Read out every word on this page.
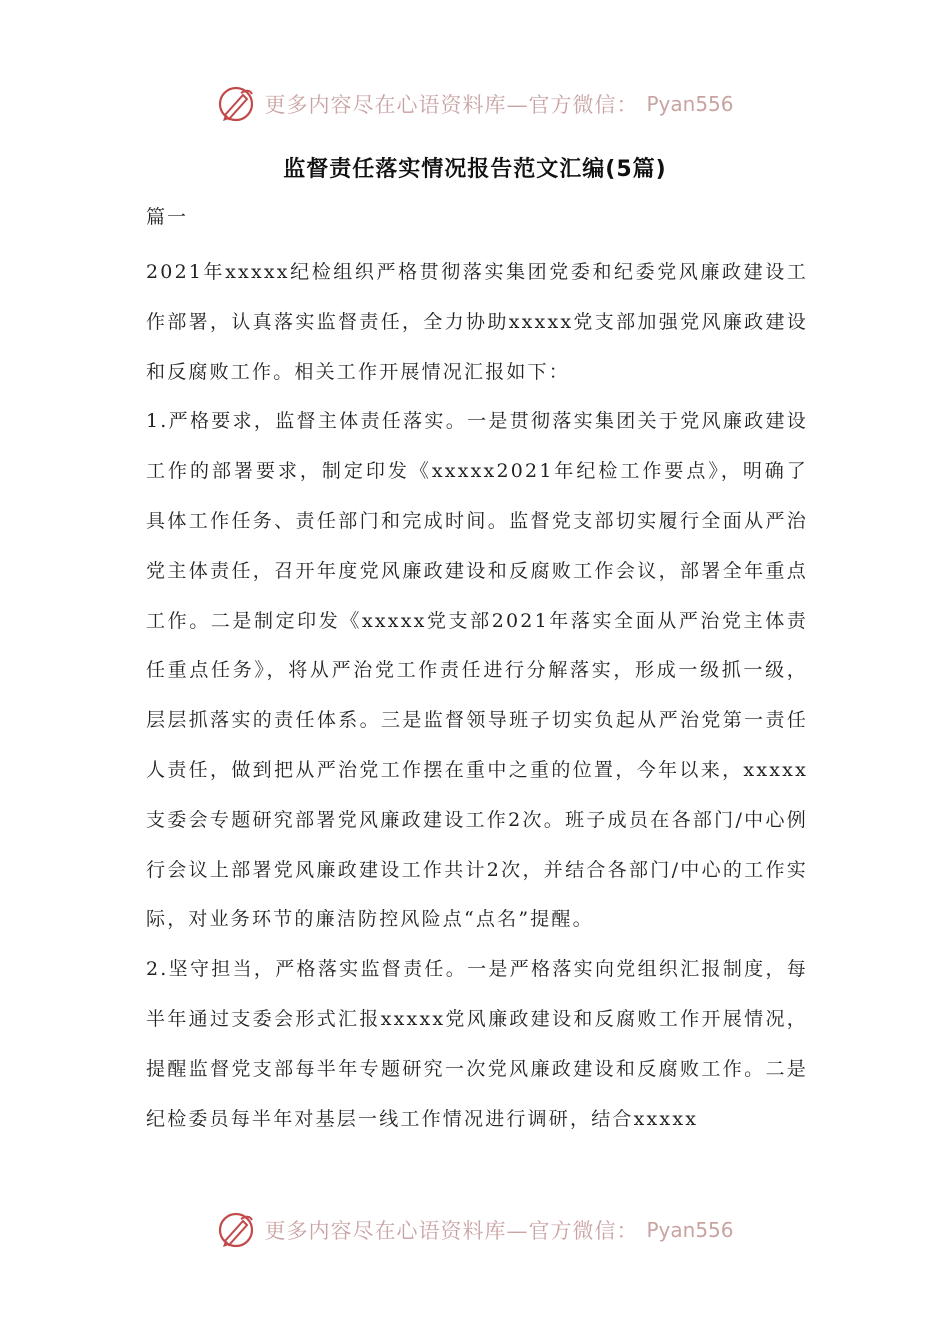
更多内容尽在心语资料库—官方微信： Pyan556
监督责任落实情况报告范文汇编(5篇)
篇一

2021年xxxxx纪检组织严格贯彻落实集团党委和纪委党风廉政建设工作部署，认真落实监督责任，全力协助xxxxx党支部加强党风廉政建设和反腐败工作。相关工作开展情况汇报如下：

1.严格要求，监督主体责任落实。一是贯彻落实集团关于党风廉政建设工作的部署要求，制定印发《xxxxx2021年纪检工作要点》，明确了具体工作任务、责任部门和完成时间。监督党支部切实履行全面从严治党主体责任，召开年度党风廉政建设和反腐败工作会议，部署全年重点工作。二是制定印发《xxxxx党支部2021年落实全面从严治党主体责任重点任务》，将从严治党工作责任进行分解落实，形成一级抓一级，层层抓落实的责任体系。三是监督领导班子切实负起从严治党第一责任人责任，做到把从严治党工作摆在重中之重的位置，今年以来，xxxxx支委会专题研究部署党风廉政建设工作2次。班子成员在各部门/中心例行会议上部署党风廉政建设工作共计2次，并结合各部门/中心的工作实际，对业务环节的廉洁防控风险点“点名”提醒。

2.坚守担当，严格落实监督责任。一是严格落实向党组织汇报制度，每半年通过支委会形式汇报xxxxx党风廉政建设和反腐败工作开展情况，提醒监督党支部每半年专题研究一次党风廉政建设和反腐败工作。二是纪检委员每半年对基层一线工作情况进行调研，结合xxxxx

更多内容尽在心语资料库—官方微信： Pyan556
